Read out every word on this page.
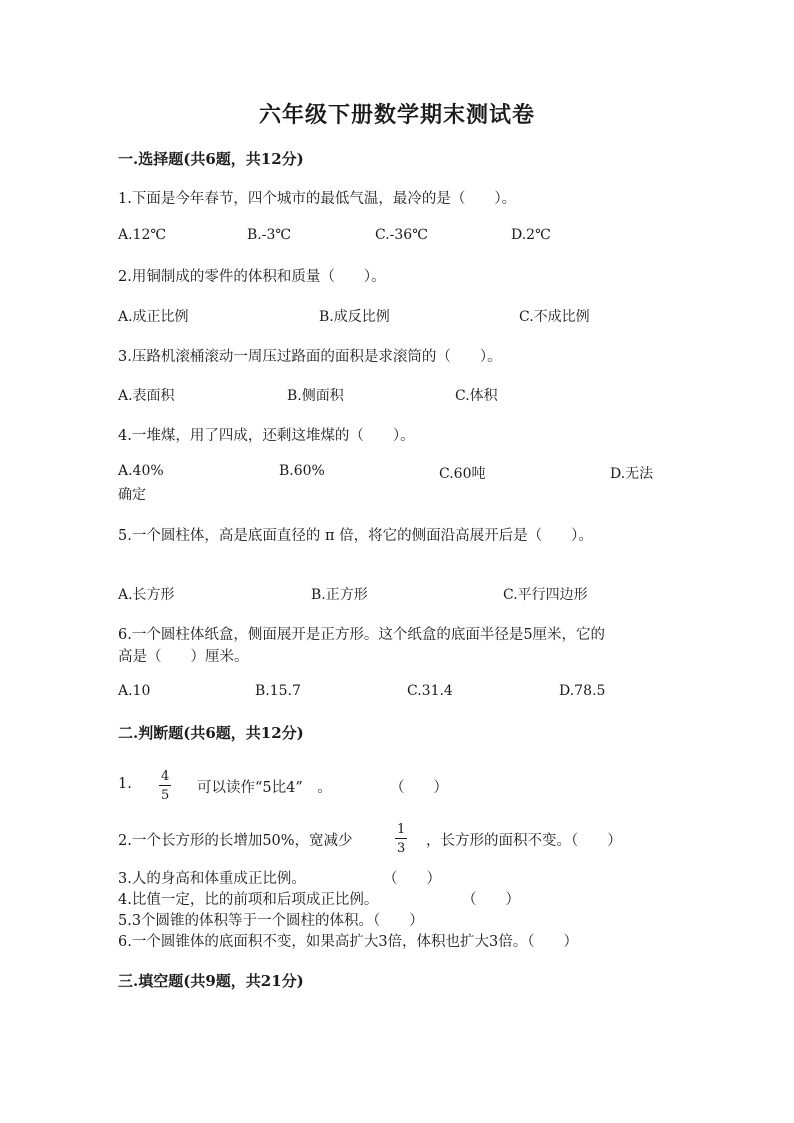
六年级下册数学期末测试卷
一.选择题(共6题，共12分)
1.下面是今年春节，四个城市的最低气温，最冷的是（　　）。
A.12℃	B.-3℃	C.-36℃	D.2℃
2.用铜制成的零件的体积和质量（　　）。
A.成正比例	B.成反比例	C.不成比例
3.压路机滚桶滚动一周压过路面的面积是求滚筒的（　　）。
A.表面积	B.侧面积	C.体积
4.一堆煤，用了四成，还剩这堆煤的（　　）。
A.40%	B.60%	C.60吨	D.无法
确定
5.一个圆柱体，高是底面直径的 π 倍，将它的侧面沿高展开后是（　　）。
A.长方形	B.正方形	C.平行四边形
6.一个圆柱体纸盒，侧面展开是正方形。这个纸盒的底面半径是5厘米，它的
高是（　　）厘米。
A.10	B.15.7	C.31.4	D.78.5
二.判断题(共6题，共12分)
1. 4
5 可以读作“5比4”　。	（　　）
2.一个长方形的长增加50%，宽减少
1
3 ，长方形的面积不变。（　　）
3.人的身高和体重成正比例。	（　　）
4.比值一定，比的前项和后项成正比例。	（　　）
5.3个圆锥的体积等于一个圆柱的体积。（　　）
6.一个圆锥体的底面积不变，如果高扩大3倍，体积也扩大3倍。（　　）
三.填空题(共9题，共21分)
